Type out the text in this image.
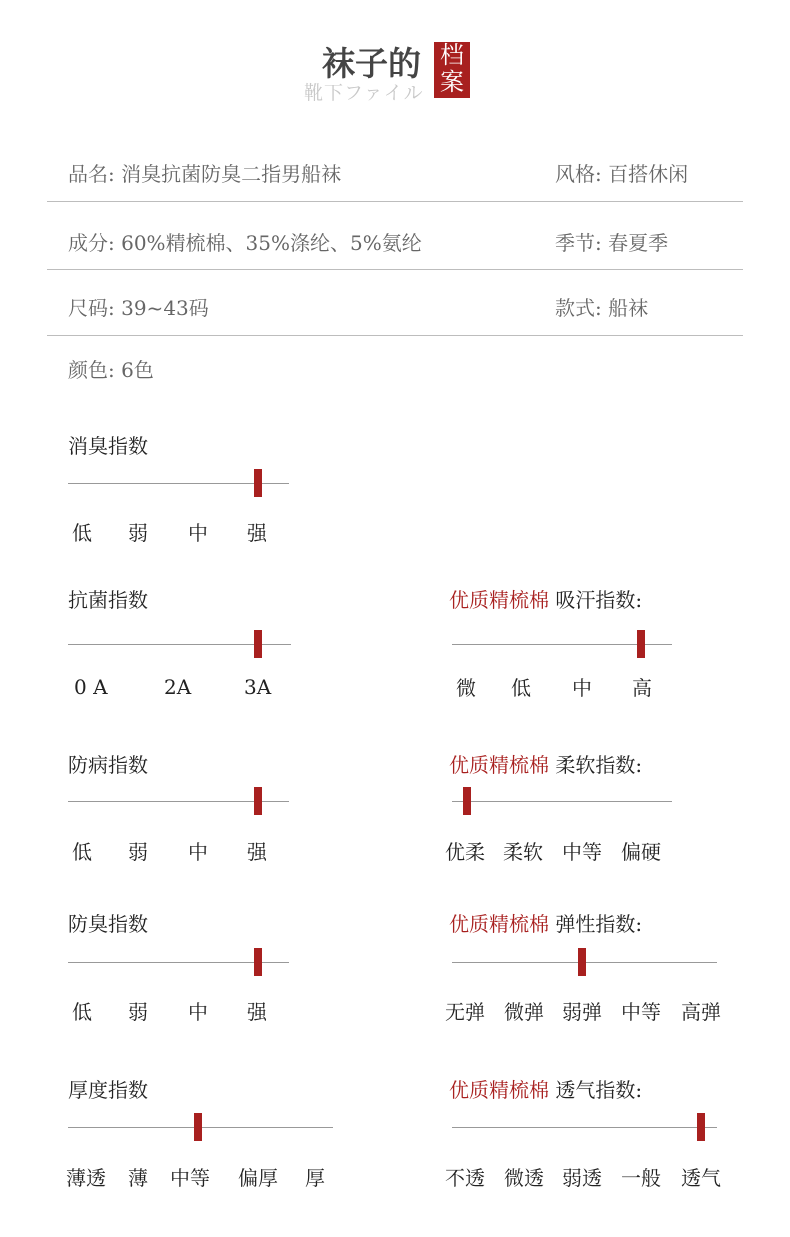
袜子的
靴下ファイル
档
案
品名: 消臭抗菌防臭二指男船袜	风格: 百搭休闲
成分: 60%精梳棉、35%涤纶、5%氨纶	季节: 春夏季
尺码: 39~43码	款式: 船袜
颜色: 6色
消臭指数
低 弱 中 强
抗菌指数
0 A	2A	3A
防病指数
低 弱 中 强
防臭指数
低 弱 中 强
厚度指数
薄透 薄 中等 偏厚 厚
优质精梳棉 吸汗指数:
微 低 中 高
优质精梳棉 柔软指数:
优柔 柔软 中等 偏硬
优质精梳棉 弹性指数:
无弹 微弹 弱弹 中等 高弹
优质精梳棉 透气指数:
不透 微透 弱透 一般 透气
